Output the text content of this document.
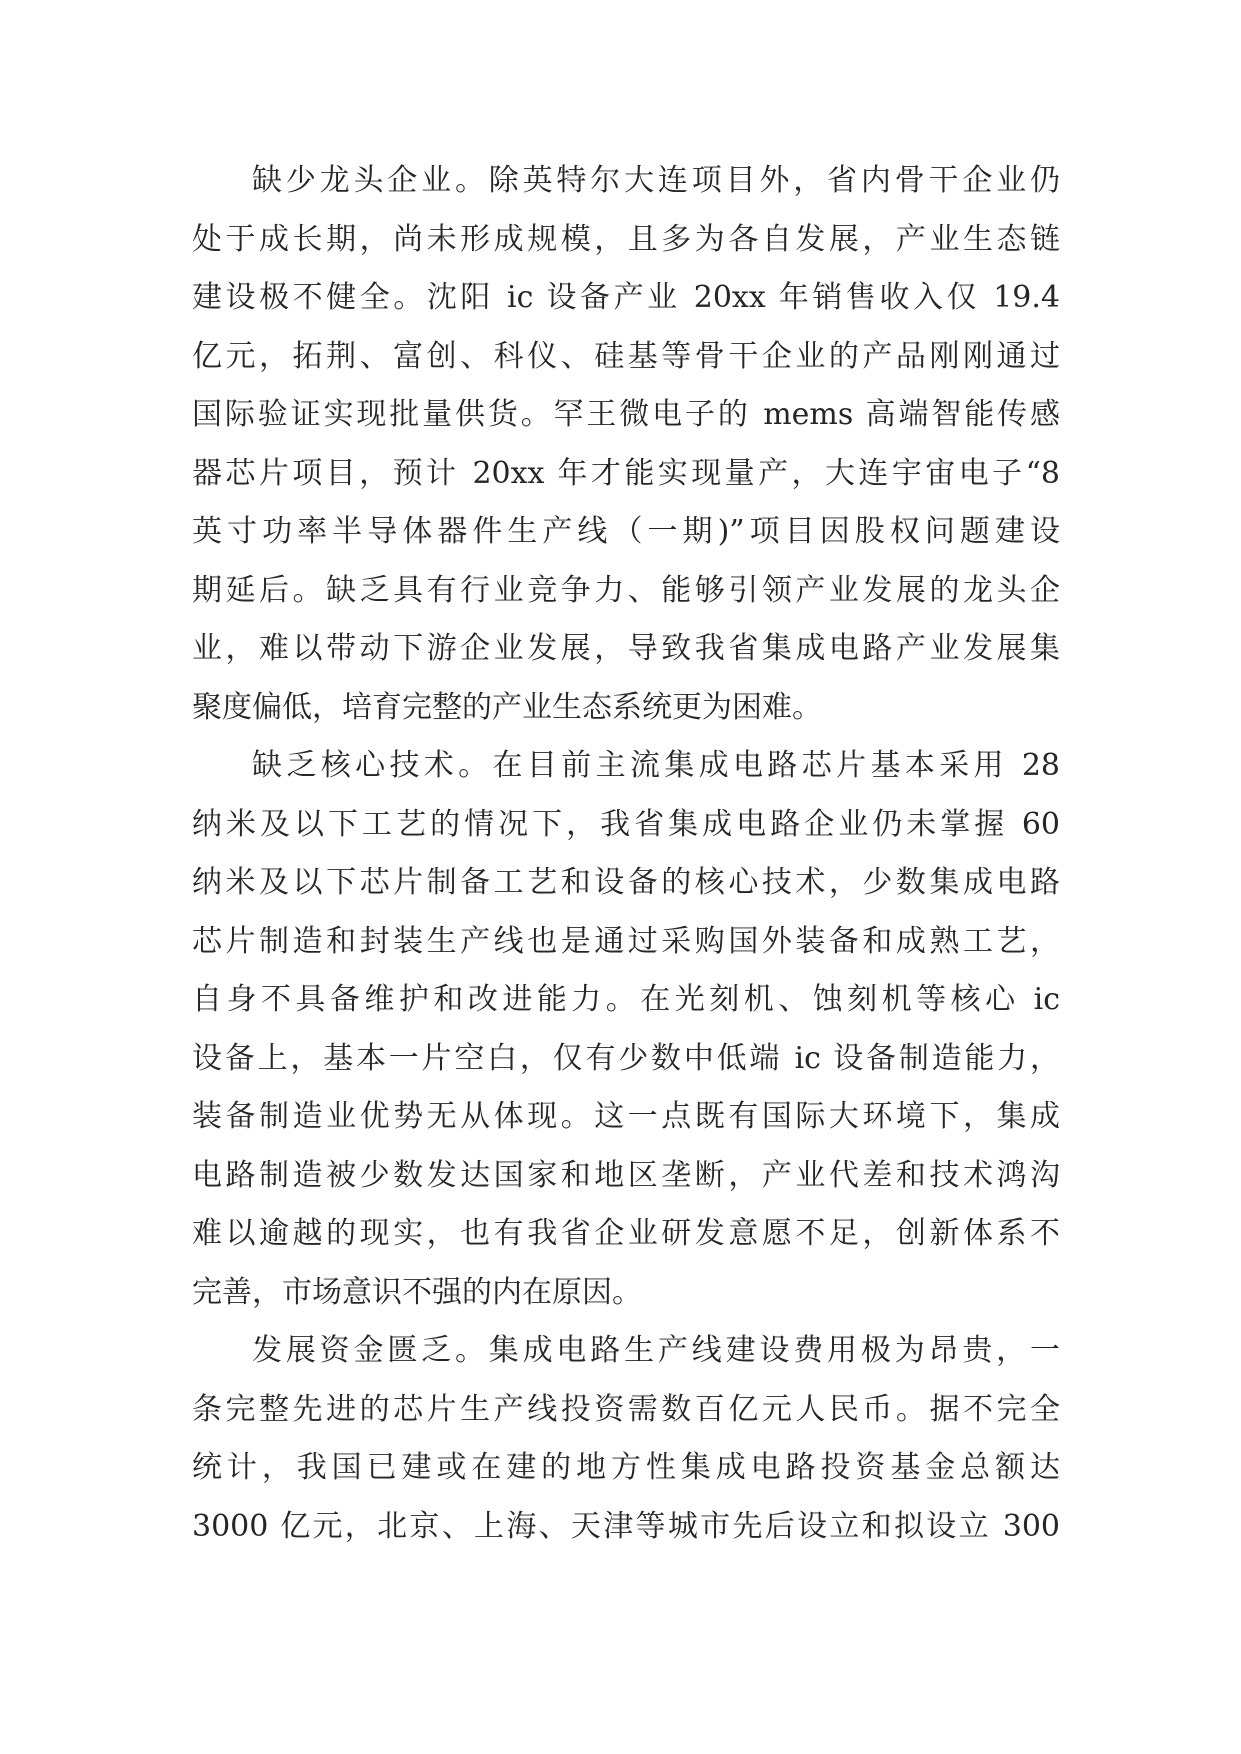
缺少龙头企业。除英特尔大连项目外，省内骨干企业仍
处于成长期，尚未形成规模，且多为各自发展，产业生态链
建设极不健全。沈阳 ic 设备产业 20xx 年销售收入仅 19.4
亿元，拓荆、富创、科仪、硅基等骨干企业的产品刚刚通过
国际验证实现批量供货。罕王微电子的 mems 高端智能传感
器芯片项目，预计 20xx 年才能实现量产，大连宇宙电子“8
英寸功率半导体器件生产线（一期)”项目因股权问题建设
期延后。缺乏具有行业竞争力、能够引领产业发展的龙头企
业，难以带动下游企业发展，导致我省集成电路产业发展集
聚度偏低，培育完整的产业生态系统更为困难。
缺乏核心技术。在目前主流集成电路芯片基本采用 28
纳米及以下工艺的情况下，我省集成电路企业仍未掌握 60
纳米及以下芯片制备工艺和设备的核心技术，少数集成电路
芯片制造和封装生产线也是通过采购国外装备和成熟工艺，
自身不具备维护和改进能力。在光刻机、蚀刻机等核心 ic
设备上，基本一片空白，仅有少数中低端 ic 设备制造能力，
装备制造业优势无从体现。这一点既有国际大环境下，集成
电路制造被少数发达国家和地区垄断，产业代差和技术鸿沟
难以逾越的现实，也有我省企业研发意愿不足，创新体系不
完善，市场意识不强的内在原因。
发展资金匮乏。集成电路生产线建设费用极为昂贵，一
条完整先进的芯片生产线投资需数百亿元人民币。据不完全
统计，我国已建或在建的地方性集成电路投资基金总额达
3000 亿元，北京、上海、天津等城市先后设立和拟设立 300
